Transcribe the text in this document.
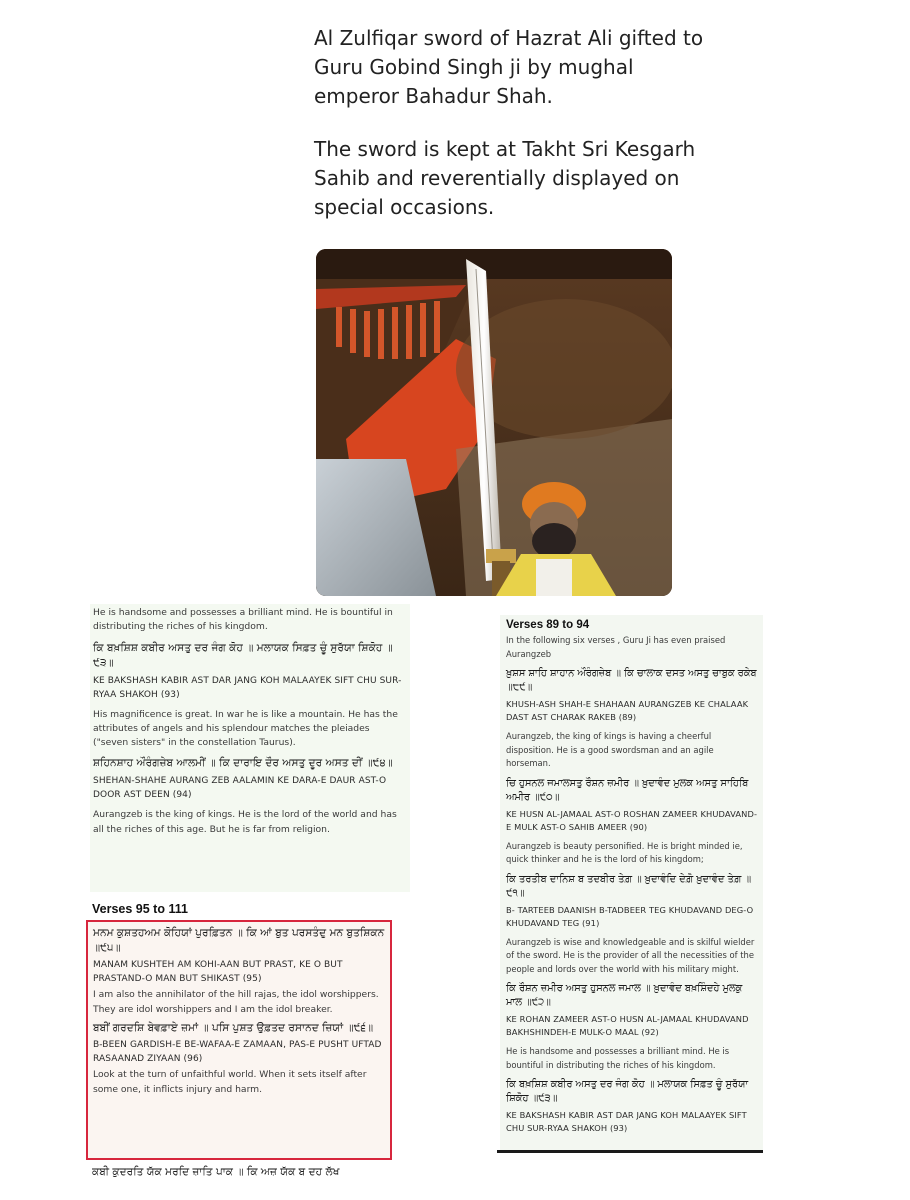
Al Zulfiqar sword of Hazrat Ali gifted to Guru Gobind Singh ji by mughal emperor Bahadur Shah.

The sword is kept at Takht Sri Kesgarh Sahib and reverentially displayed on special occasions.

He is handsome and possesses a brilliant mind. He is bountiful in distributing the riches of his kingdom.

ਕਿ ਬਖ਼ਸ਼ਿਸ਼ ਕਬੀਰ ਅਸਤੁ ਦਰ ਜੰਗ ਕੋਹ ॥ ਮਲਾਯਕ ਸਿਫ਼ਤ ਚੂੰ ਸੁਰੱਯਾ ਸ਼ਿਕੋਹ ॥੯੩॥

KE BAKSHASH KABIR AST DAR JANG KOH MALAAYEK SIFT CHU SUR-RYAA SHAKOH (93)

His magnificence is great. In war he is like a mountain. He has the attributes of angels and his splendour matches the pleiades ("seven sisters" in the constellation Taurus).

ਸ਼ਹਿਨਸ਼ਾਹ ਔਰੰਗਜ਼ੇਬ ਆਲਮੀਂ ॥ ਕਿ ਦਾਰਾਇ ਦੌਰ ਅਸਤੁ ਦੂਰ ਅਸਤ ਦੀਂ ॥੯੪॥

SHEHAN-SHAHE AURANG ZEB AALAMIN KE DARA-E DAUR AST-O DOOR AST DEEN (94)

Aurangzeb is the king of kings. He is the lord of the world and has all the riches of this age. But he is far from religion.

Verses 95 to 111

ਮਨਮ ਕੁਸ਼ਤਹਅਮ ਕੋਹਿਯਾਂ ਪੁਰਫ਼ਿਤਨ ॥ ਕਿ ਆਂ ਬੁਤ ਪਰਸਤੰਦੁ ਮਨ ਬੁਤਸ਼ਿਕਨ ॥੯੫॥

MANAM KUSHTEH AM KOHI-AAN BUT PRAST, KE O BUT PRASTAND-O MAN BUT SHIKAST (95)

I am also the annihilator of the hill rajas, the idol worshippers. They are idol worshippers and I am the idol breaker.

ਬਬੀਂ ਗਰਦਸ਼ਿ ਬੇਵਫ਼ਾਏ ਜ਼ਮਾਂ ॥ ਪਸਿ ਪੁਸ਼ਤ ਉਫ਼ਤਦ ਰਸਾਨਦ ਜ਼ਿਯਾਂ ॥੯੬॥

B-BEEN GARDISH-E BE-WAFAA-E ZAMAAN, PAS-E PUSHT UFTAD RASAANAD ZIYAAN (96)

Look at the turn of unfaithful world. When it sets itself after some one, it inflicts injury and harm.

ਕਬੀ ਕੁਦਰਤਿ ਯੱਕ ਮਰਦਿ ਜ਼ਾਤਿ ਪਾਕ ॥ ਕਿ ਅਜ਼ ਯੱਕ ਬ ਦਹ ਲੱਖ
Verses 89 to 94

In the following six verses , Guru Ji has even praised Aurangzeb

ਖ਼ੁਸ਼ਸ ਸ਼ਾਹਿ ਸ਼ਾਹਾਨ ਔਰੰਗਜ਼ੇਬ ॥ ਕਿ ਚਾਲਾਕ ਦਸਤ ਅਸਤੁ ਚਾਬੁਕ ਰਕੇਬ ॥੮੯॥

KHUSH-ASH SHAH-E SHAHAAN AURANGZEB KE CHALAAK DAST AST CHARAK RAKEB (89)

Aurangzeb, the king of kings is having a cheerful disposition. He is a good swordsman and an agile horseman.

ਚਿ ਹੁਸਨਲ ਜਮਾਲਸਤੁ ਰੌਸ਼ਨ ਜ਼ਮੀਰ ॥ ਖ਼ੁਦਾਵੰਦ ਮੁਲਕ ਅਸਤੁ ਸਾਹਿਬਿ ਅਮੀਰ ॥੯੦॥

KE HUSN AL-JAMAAL AST-O ROSHAN ZAMEER KHUDAVAND-E MULK AST-O SAHIB AMEER (90)

Aurangzeb is beauty personified. He is bright minded ie, quick thinker and he is the lord of his kingdom;

ਕਿ ਤਰਤੀਬ ਦਾਨਿਸ਼ ਬ ਤਦਬੀਰ ਤੇਗ਼ ॥ ਖ਼ੁਦਾਵੰਦਿ ਦੇਗ਼ੋ ਖ਼ੁਦਾਵੰਦ ਤੇਗ਼ ॥੯੧॥

B- TARTEEB DAANISH B-TADBEER TEG KHUDAVAND DEG-O KHUDAVAND TEG (91)

Aurangzeb is wise and knowledgeable and is skilful wielder of the sword. He is the provider of all the necessities of the people and lords over the world with his military might.

ਕਿ ਰੌਸ਼ਨ ਜ਼ਮੀਰ ਅਸਤੁ ਹੁਸਨਲ ਜਮਾਲ ॥ ਖ਼ੁਦਾਵੰਦ ਬਖ਼ਸ਼ਿੰਦਹੇ ਮੁਲਕੁ ਮਾਲ ॥੯੨॥

KE ROHAN ZAMEER AST-O HUSN AL-JAMAAL KHUDAVAND BAKHSHINDEH-E MULK-O MAAL (92)

He is handsome and possesses a brilliant mind. He is bountiful in distributing the riches of his kingdom.

ਕਿ ਬਖ਼ਸ਼ਿਸ਼ ਕਬੀਰ ਅਸਤੁ ਦਰ ਜੰਗ ਕੋਹ ॥ ਮਲਾਯਕ ਸਿਫ਼ਤ ਚੂੰ ਸੁਰੱਯਾ ਸ਼ਿਕੋਹ ॥੯੩॥

KE BAKSHASH KABIR AST DAR JANG KOH MALAAYEK SIFT CHU SUR-RYAA SHAKOH (93)
